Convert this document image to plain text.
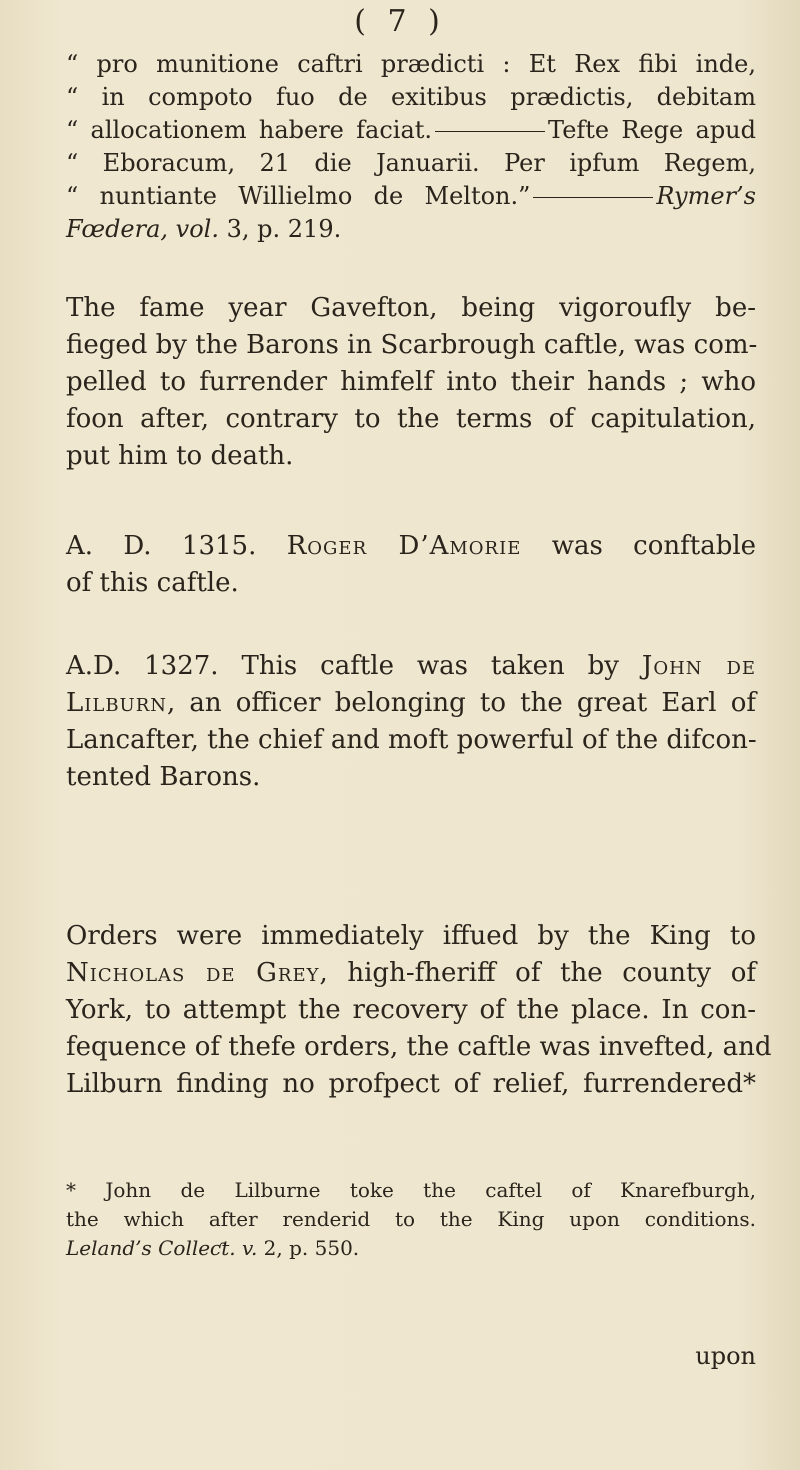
( 7 )
“ pro munitione caftri prædicti : Et Rex fibi inde,
“ in compoto fuo de exitibus prædictis, debitam
“ allocationem habere faciat.	Tefte Rege apud
“ Eboracum, 21 die Januarii. Per ipfum Regem,
“ nuntiante Willielmo de Melton.”	Rymer’s
Fœdera, vol. 3, p. 219.
The fame year Gavefton, being vigoroufly be-
fieged by the Barons in Scarbrough caftle, was com-
pelled to furrender himfelf into their hands ; who
foon after, contrary to the terms of capitulation,
put him to death.
A. D. 1315. Roger D’Amorie was conftable
of this caftle.
A.D. 1327. This caftle was taken by John de
Lilburn, an officer belonging to the great Earl of
Lancafter, the chief and moft powerful of the difcon-
tented Barons.
Orders were immediately iffued by the King to
Nicholas de Grey, high-fheriff of the county of
York, to attempt the recovery of the place. In con-
fequence of thefe orders, the caftle was invefted, and
Lilburn finding no profpect of relief, furrendered*
* John de Lilburne toke the caftel of Knarefburgh,
the which after renderid to the King upon conditions.
Leland’s Colleƈt. v. 2, p. 550.
upon
